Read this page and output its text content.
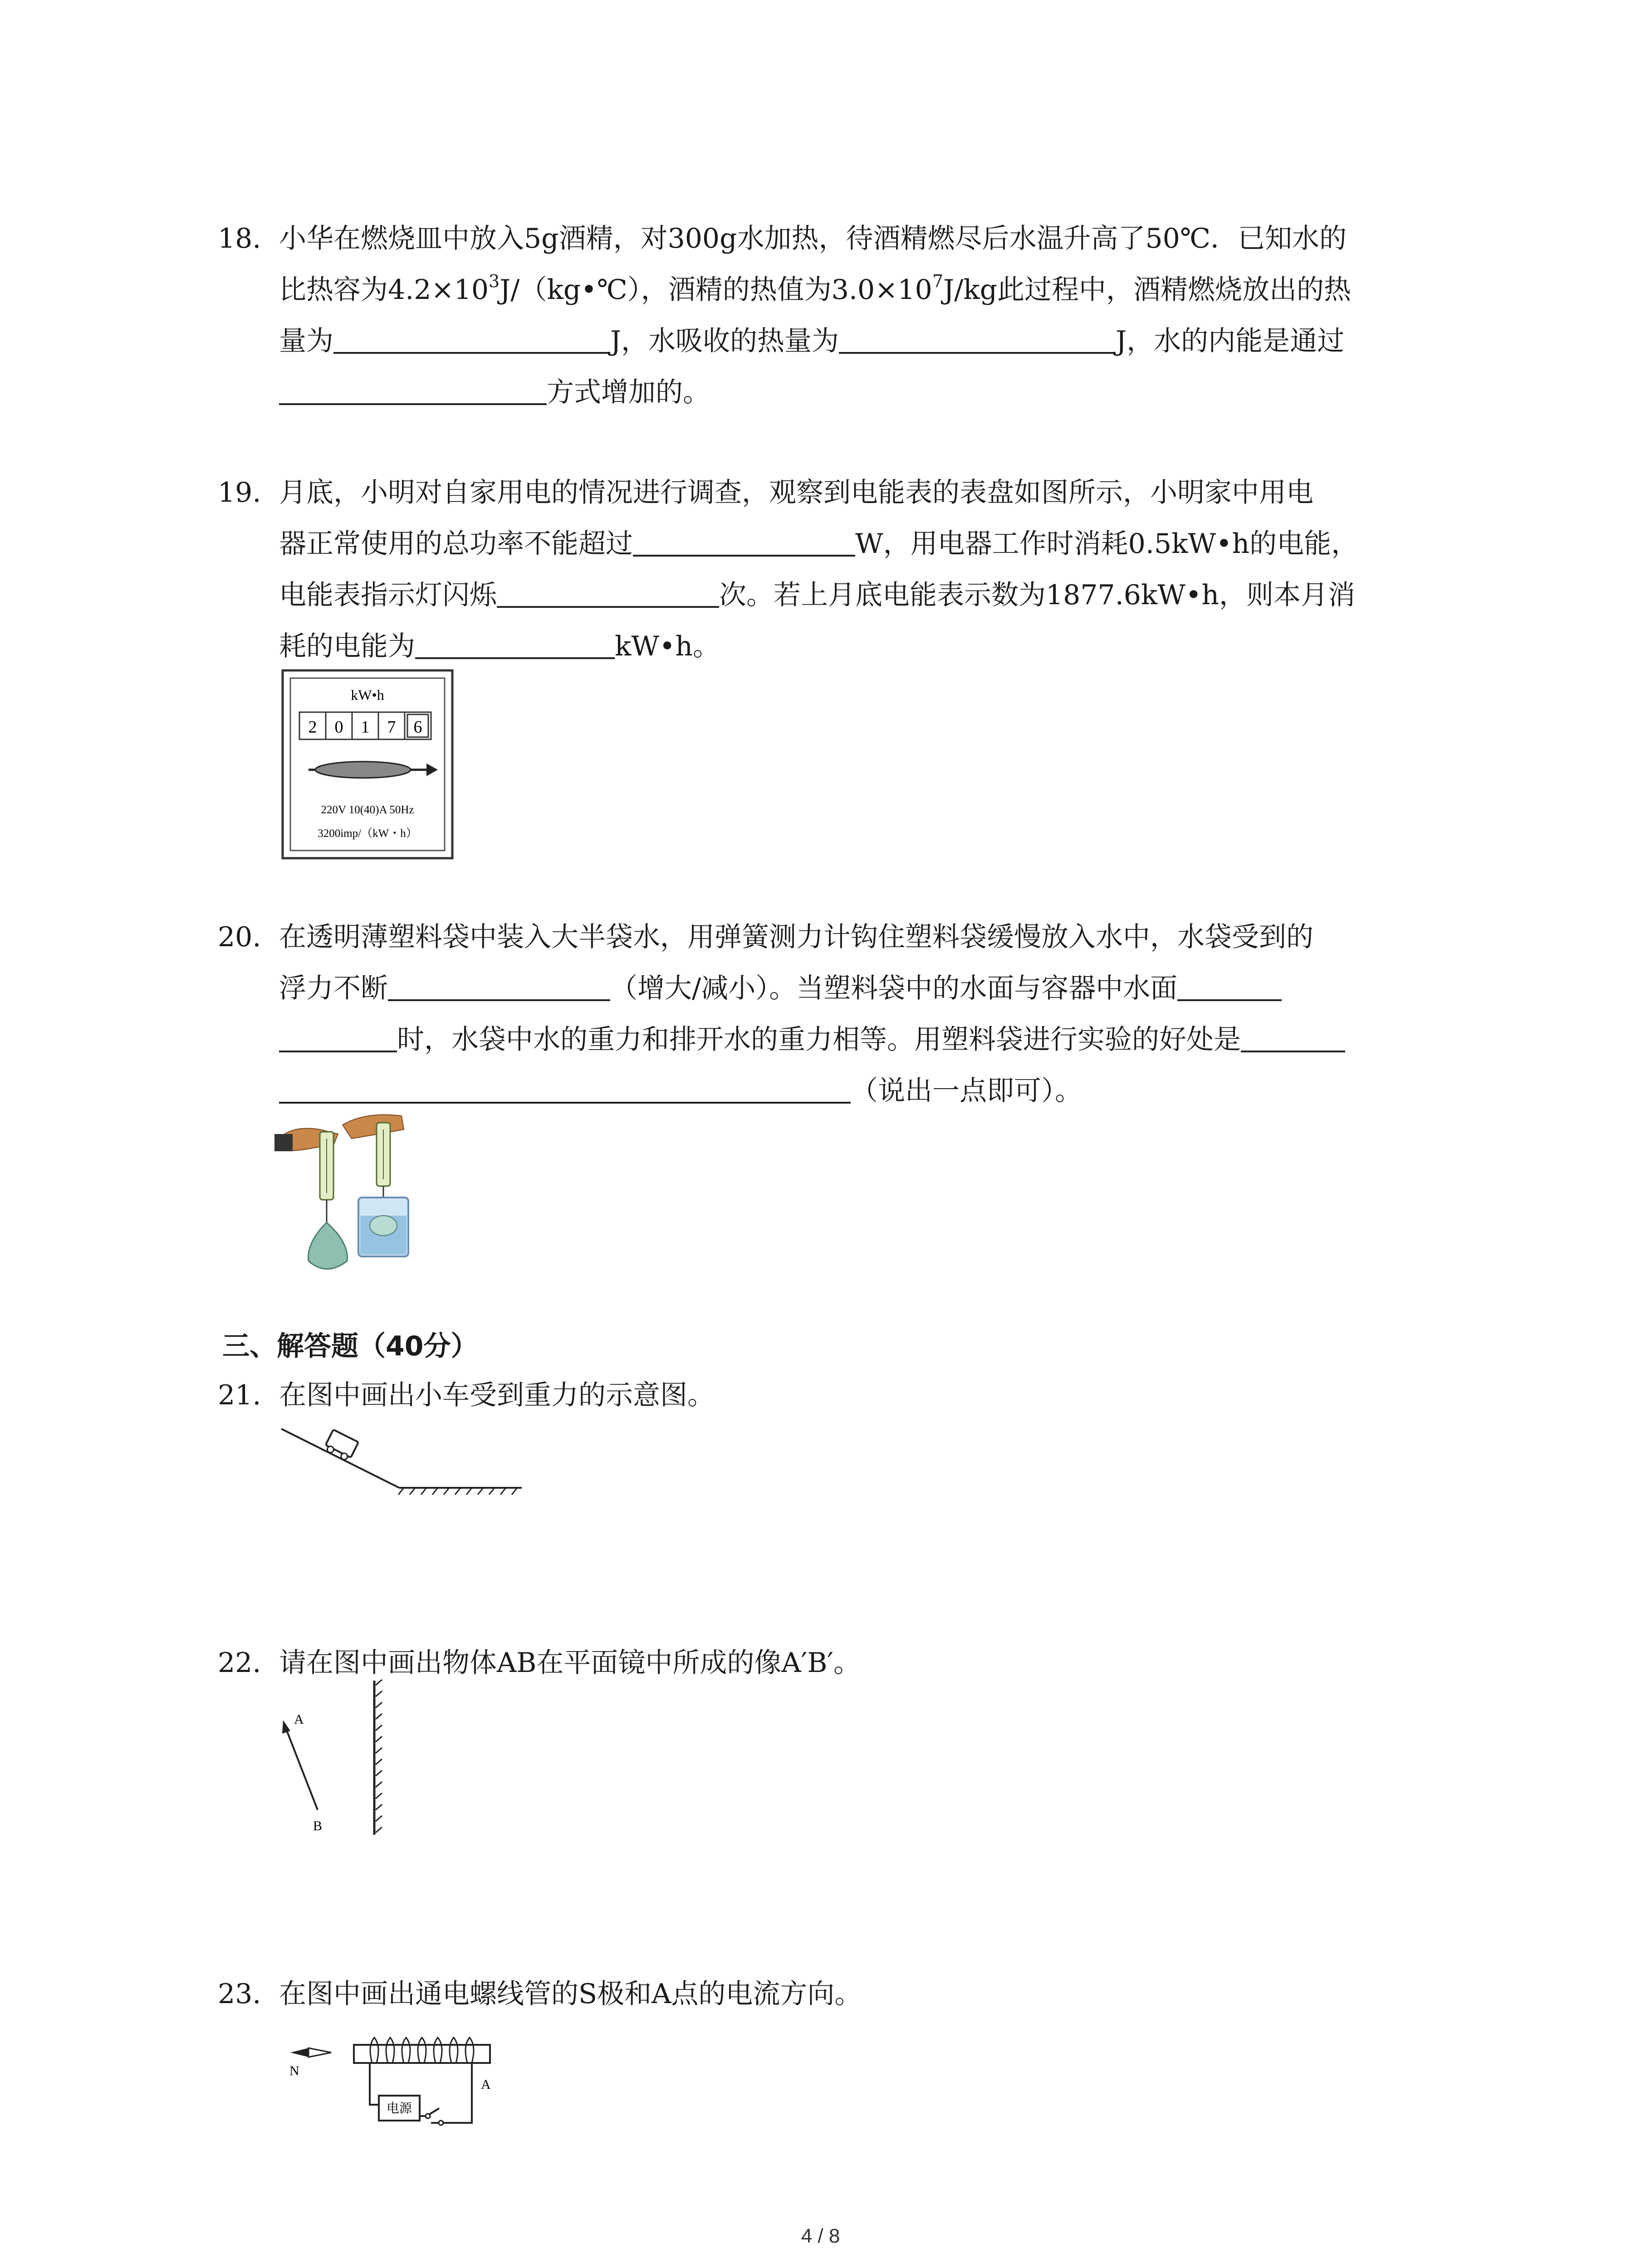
18. 小华在燃烧皿中放入5g酒精，对300g水加热，待酒精燃尽后水温升高了50℃．已知水的
比热容为$4.2\times 10^3J/(kg•℃)$，酒精的热值为$3.0\times 10^7J/kg$此过程中，酒精燃烧放出的热
量为	J，水吸收的热量为	J，水的内能是通过
方式增加的。
19. 月底，小明对自家用电的情况进行调查，观察到电能表的表盘如图所示，小明家中用电
器正常使用的总功率不能超过	W，用电器工作时消耗0.5kW•h的电能，
电能表指示灯闪烁	次。若上月底电能表示数为1877.6kW•h，则本月消
耗的电能为	kW•h。
kW•h
2 0 1 7 6
220V 10(40)A 50Hz
3200imp/（kW・h）
20. 在透明薄塑料袋中装入大半袋水，用弹簧测力计钩住塑料袋缓慢放入水中，水袋受到的
浮力不断	（增大/减小）。当塑料袋中的水面与容器中水面
时，水袋中水的重力和排开水的重力相等。用塑料袋进行实验的好处是
（说出一点即可）。
三、解答题（40分）
21. 在图中画出小车受到重力的示意图。
22. 请在图中画出物体AB在平面镜中所成的像A′B′。
A
B
23. 在图中画出通电螺线管的S极和A点的电流方向。
N
电源
A
4 / 8
